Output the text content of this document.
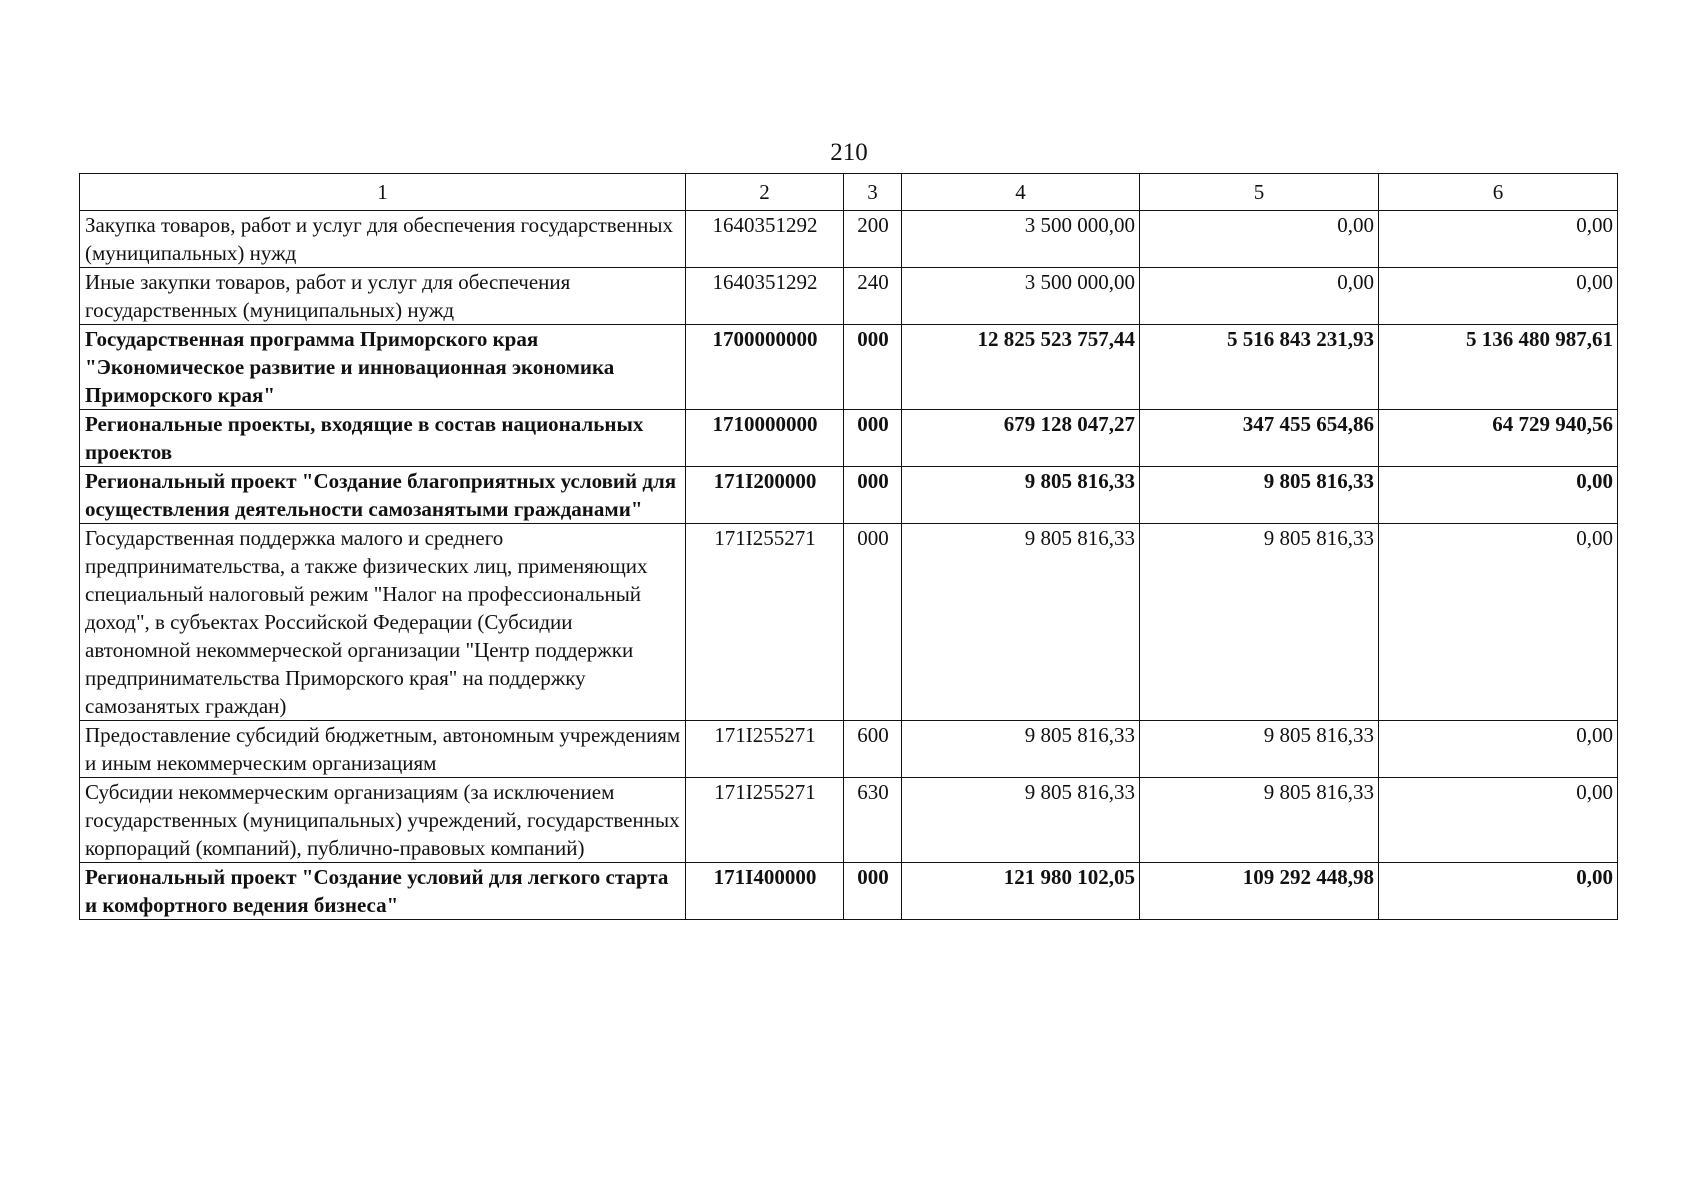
210
1	2	3	4	5	6
Закупка товаров, работ и услуг для обеспечения государственных (муниципальных) нужд	1640351292	200	3 500 000,00	0,00	0,00
Иные закупки товаров, работ и услуг для обеспечения государственных (муниципальных) нужд	1640351292	240	3 500 000,00	0,00	0,00
Государственная программа Приморского края "Экономическое развитие и инновационная экономика Приморского края"	1700000000	000	12 825 523 757,44	5 516 843 231,93	5 136 480 987,61
Региональные проекты, входящие в состав национальных проектов	1710000000	000	679 128 047,27	347 455 654,86	64 729 940,56
Региональный проект "Создание благоприятных условий для осуществления деятельности самозанятыми гражданами"	171I200000	000	9 805 816,33	9 805 816,33	0,00
Государственная поддержка малого и среднего предпринимательства, а также физических лиц, применяющих специальный налоговый режим "Налог на профессиональный доход", в субъектах Российской Федерации (Субсидии автономной некоммерческой организации "Центр поддержки предпринимательства Приморского края" на поддержку самозанятых граждан)	171I255271	000	9 805 816,33	9 805 816,33	0,00
Предоставление субсидий бюджетным, автономным учреждениям и иным некоммерческим организациям	171I255271	600	9 805 816,33	9 805 816,33	0,00
Субсидии некоммерческим организациям (за исключением государственных (муниципальных) учреждений, государственных корпораций (компаний), публично-правовых компаний)	171I255271	630	9 805 816,33	9 805 816,33	0,00
Региональный проект "Создание условий для легкого старта и комфортного ведения бизнеса"	171I400000	000	121 980 102,05	109 292 448,98	0,00
